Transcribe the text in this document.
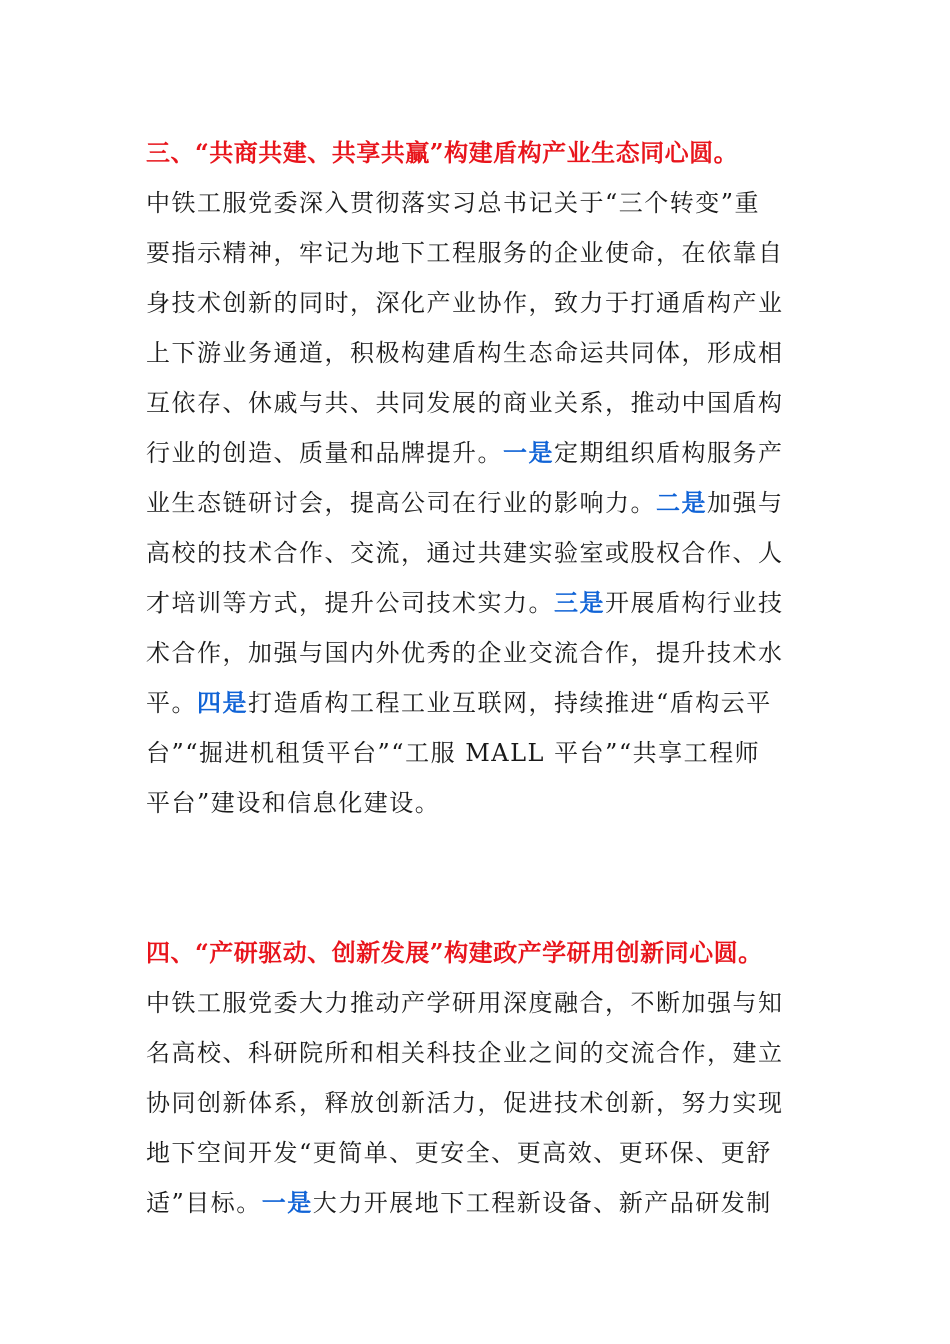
三、“共商共建、共享共赢”构建盾构产业生态同心圆。
中铁工服党委深入贯彻落实习总书记关于“三个转变”重
要指示精神，牢记为地下工程服务的企业使命，在依靠自
身技术创新的同时，深化产业协作，致力于打通盾构产业
上下游业务通道，积极构建盾构生态命运共同体，形成相
互依存、休戚与共、共同发展的商业关系，推动中国盾构
行业的创造、质量和品牌提升。一是定期组织盾构服务产
业生态链研讨会，提高公司在行业的影响力。二是加强与
高校的技术合作、交流，通过共建实验室或股权合作、人
才培训等方式，提升公司技术实力。三是开展盾构行业技
术合作，加强与国内外优秀的企业交流合作，提升技术水
平。四是打造盾构工程工业互联网，持续推进“盾构云平
台”“掘进机租赁平台”“工服 MALL 平台”“共享工程师
平台”建设和信息化建设。
四、“产研驱动、创新发展”构建政产学研用创新同心圆。
中铁工服党委大力推动产学研用深度融合，不断加强与知
名高校、科研院所和相关科技企业之间的交流合作，建立
协同创新体系，释放创新活力，促进技术创新，努力实现
地下空间开发“更简单、更安全、更高效、更环保、更舒
适”目标。一是大力开展地下工程新设备、新产品研发制
